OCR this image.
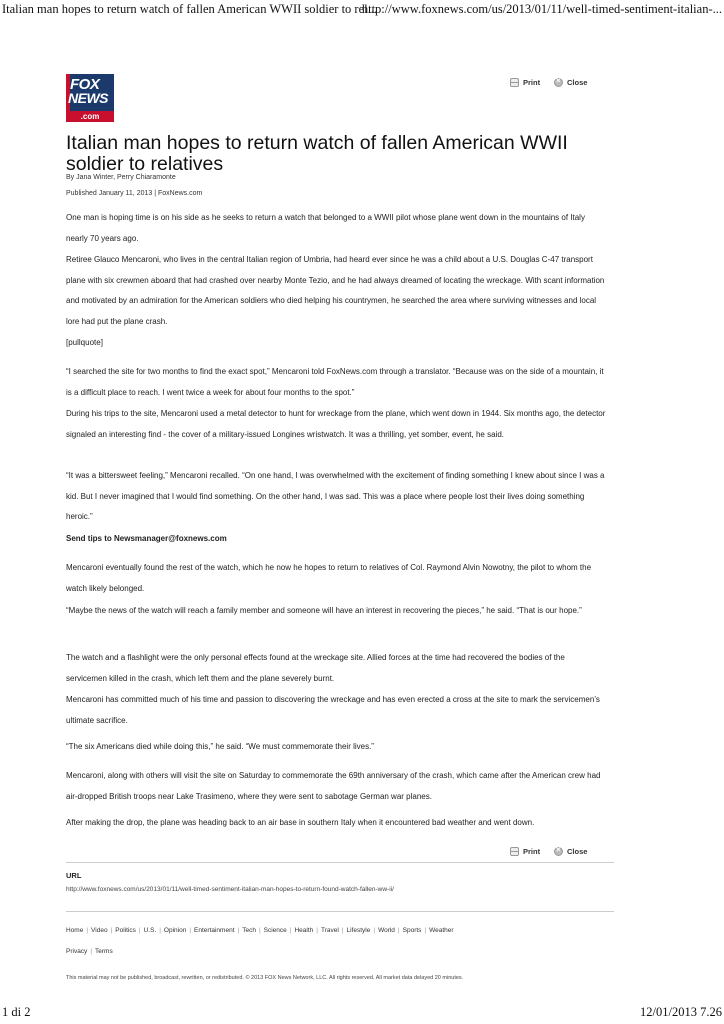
Italian man hopes to return watch of fallen American WWII soldier to rel...
http://www.foxnews.com/us/2013/01/11/well-timed-sentiment-italian-...
FOX
NEWS
.com
Print ×	Close
Italian man hopes to return watch of fallen American WWII soldier to relatives
By Jana Winter, Perry Chiaramonte
Published January 11, 2013 | FoxNews.com

One man is hoping time is on his side as he seeks to return a watch that belonged to a WWII pilot whose plane went down in the mountains of Italy nearly 70 years ago.

Retiree Glauco Mencaroni, who lives in the central Italian region of Umbria, had heard ever since he was a child about a U.S. Douglas C-47 transport plane with six crewmen aboard that had crashed over nearby Monte Tezio, and he had always dreamed of locating the wreckage. With scant information and motivated by an admiration for the American soldiers who died helping his countrymen, he searched the area where surviving witnesses and local lore had put the plane crash.

[pullquote]

“I searched the site for two months to find the exact spot,” Mencaroni told FoxNews.com through a translator. “Because was on the side of a mountain, it is a difficult place to reach. I went twice a week for about four months to the spot.”

During his trips to the site, Mencaroni used a metal detector to hunt for wreckage from the plane, which went down in 1944. Six months ago, the detector signaled an interesting find - the cover of a military-issued Longines wristwatch. It was a thrilling, yet somber, event, he said.

“It was a bittersweet feeling,” Mencaroni recalled. “On one hand, I was overwhelmed with the excitement of finding something I knew about since I was a kid. But I never imagined that I would find something. On the other hand, I was sad. This was a place where people lost their lives doing something heroic.”

Send tips to Newsmanager@foxnews.com

Mencaroni eventually found the rest of the watch, which he now he hopes to return to relatives of Col. Raymond Alvin Nowotny, the pilot to whom the watch likely belonged.

“Maybe the news of the watch will reach a family member and someone will have an interest in recovering the pieces,” he said. “That is our hope.”

The watch and a flashlight were the only personal effects found at the wreckage site. Allied forces at the time had recovered the bodies of the servicemen killed in the crash, which left them and the plane severely burnt.

Mencaroni has committed much of his time and passion to discovering the wreckage and has even erected a cross at the site to mark the servicemen’s ultimate sacrifice.

“The six Americans died while doing this,” he said. “We must commemorate their lives.”

Mencaroni, along with others will visit the site on Saturday to commemorate the 69th anniversary of the crash, which came after the American crew had air-dropped British troops near Lake Trasimeno, where they were sent to sabotage German war planes.

After making the drop, the plane was heading back to an air base in southern Italy when it encountered bad weather and went down.

Print ×	Close
URL
http://www.foxnews.com/us/2013/01/11/well-timed-sentiment-italian-man-hopes-to-return-found-watch-fallen-ww-ii/
Home | Video | Politics | U.S. | Opinion | Entertainment | Tech | Science | Health | Travel | Lifestyle | World | Sports | Weather
Privacy | Terms
This material may not be published, broadcast, rewritten, or redistributed. © 2013 FOX News Network, LLC. All rights reserved. All market data delayed 20 minutes.
1 di 2	12/01/2013 7.26
